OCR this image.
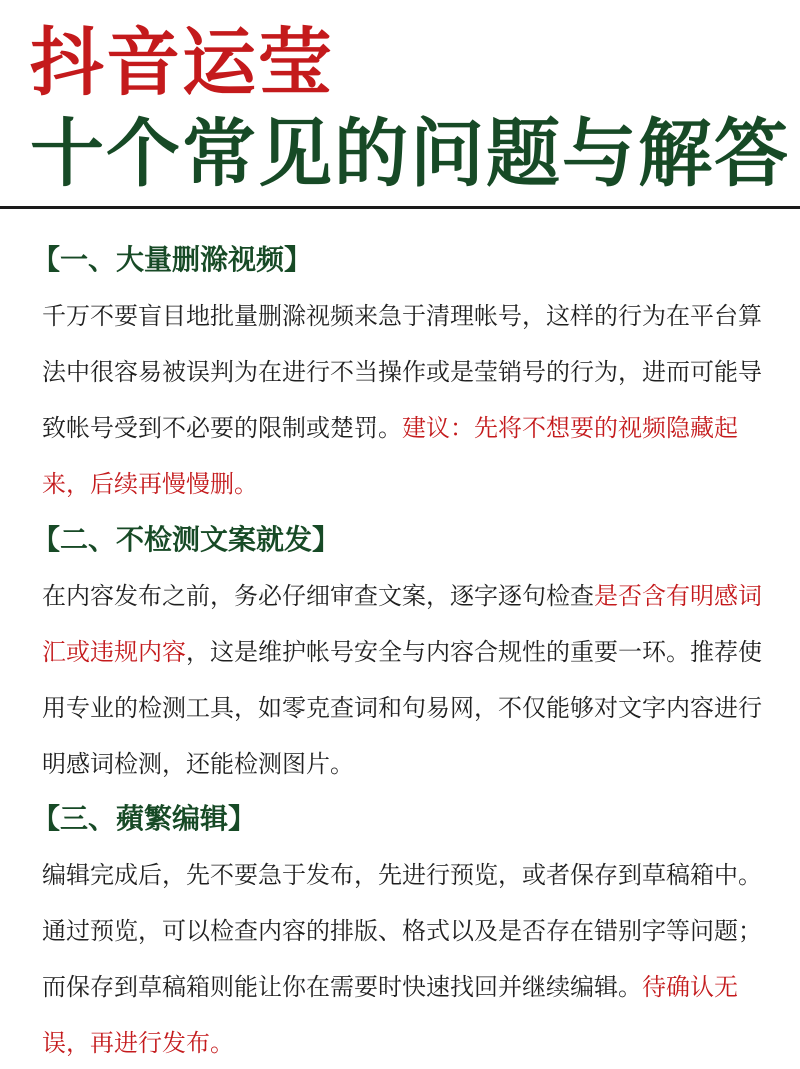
抖音运莹
十个常见的问题与解答
【一、大量删滁视频】
千万不要盲目地批量删滁视频来急于清理帐号，这样的行为在平台算法中很容易被误判为在进行不当操作或是莹销号的行为，进而可能导致帐号受到不必要的限制或楚罚。建议：先将不想要的视频隐藏起来，后续再慢慢删。
【二、不检测文案就发】
在内容发布之前，务必仔细审查文案，逐字逐句检查是否含有明感词汇或违规内容，这是维护帐号安全与内容合规性的重要一环。推荐使用专业的检测工具，如零克查词和句易网，不仅能够对文字内容进行明感词检测，还能检测图片。
【三、蘋繁编辑】
编辑完成后，先不要急于发布，先进行预览，或者保存到草稿箱中。通过预览，可以检查内容的排版、格式以及是否存在错别字等问题；而保存到草稿箱则能让你在需要时快速找回并继续编辑。待确认无误，再进行发布。
